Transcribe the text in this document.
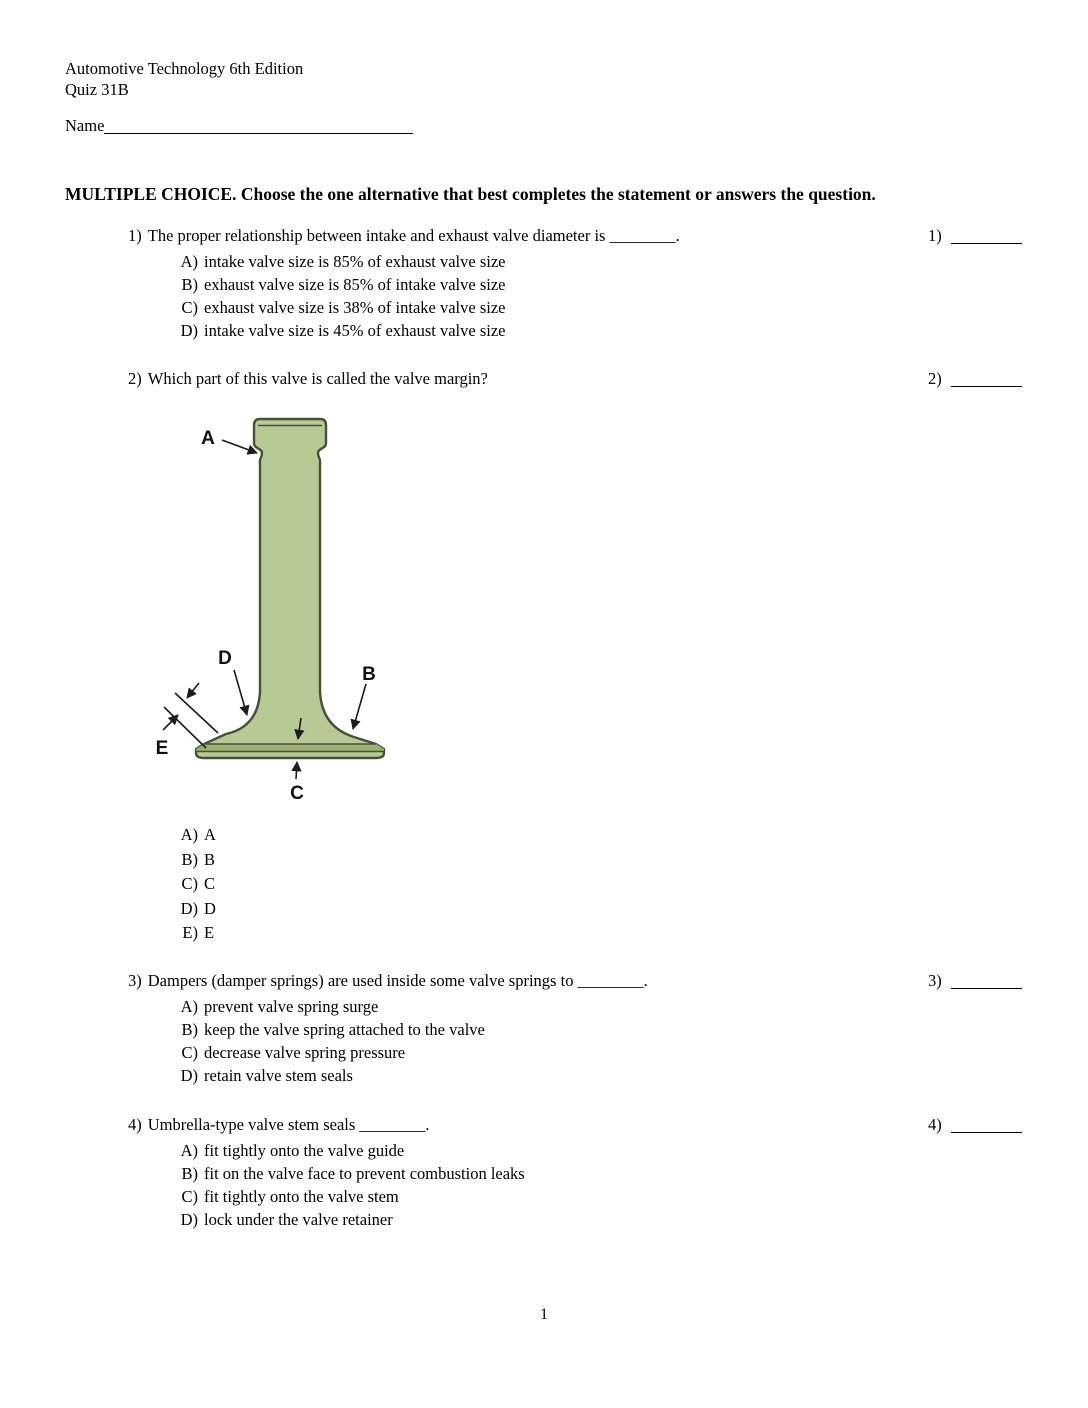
Automotive Technology 6th Edition
Quiz 31B
Name
MULTIPLE CHOICE. Choose the one alternative that best completes the statement or answers the question.
1) The proper relationship between intake and exhaust valve diameter is ________.
A) intake valve size is 85% of exhaust valve size
B) exhaust valve size is 85% of intake valve size
C) exhaust valve size is 38% of intake valve size
D) intake valve size is 45% of exhaust valve size
1)
2) Which part of this valve is called the valve margin?	2)
A
B
C
D
E
A) A
B) B
C) C
D) D
E) E
3) Dampers (damper springs) are used inside some valve springs to ________.
A) prevent valve spring surge
B) keep the valve spring attached to the valve
C) decrease valve spring pressure
D) retain valve stem seals
3)
4) Umbrella-type valve stem seals ________.
A) fit tightly onto the valve guide
B) fit on the valve face to prevent combustion leaks
C) fit tightly onto the valve stem
D) lock under the valve retainer
4)
1
